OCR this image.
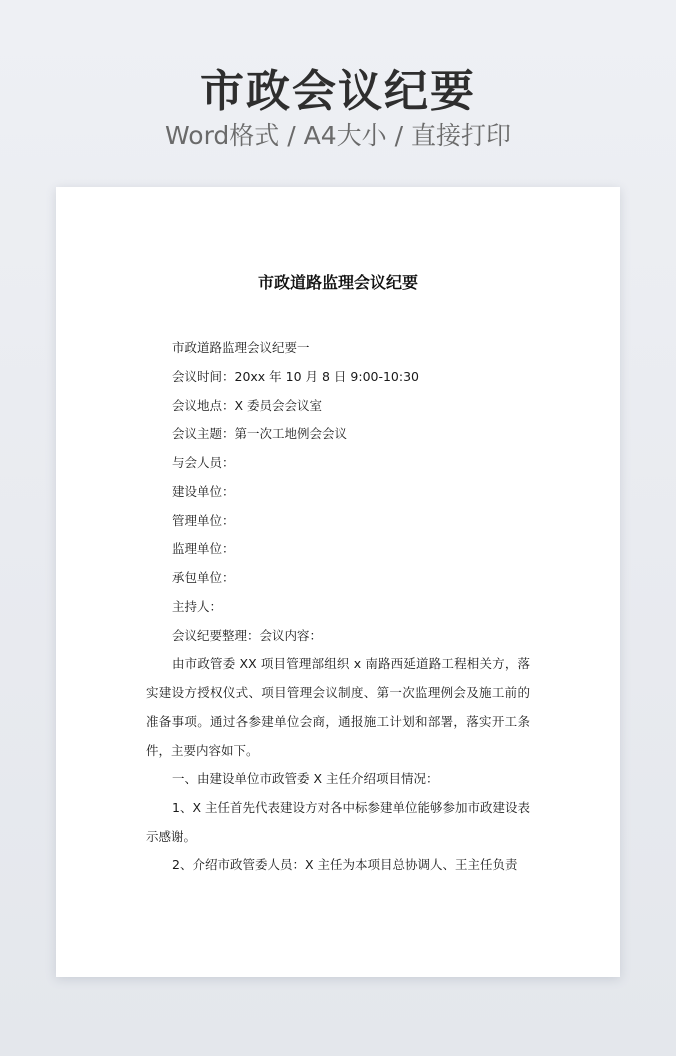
市政会议纪要
Word格式 / A4大小 / 直接打印
市政道路监理会议纪要
市政道路监理会议纪要一
会议时间：20xx 年 10 月 8 日 9:00-10:30
会议地点：X 委员会会议室
会议主题：第一次工地例会会议
与会人员：
建设单位：
管理单位：
监理单位：
承包单位：
主持人：
会议纪要整理：会议内容：
由市政管委 XX 项目管理部组织 x 南路西延道路工程相关方，落实建设方授权仪式、项目管理会议制度、第一次监理例会及施工前的准备事项。通过各参建单位会商，通报施工计划和部署，落实开工条件，主要内容如下。
一、由建设单位市政管委 X 主任介绍项目情况：
1、X 主任首先代表建设方对各中标参建单位能够参加市政建设表示感谢。
2、介绍市政管委人员：X 主任为本项目总协调人、王主任负责
